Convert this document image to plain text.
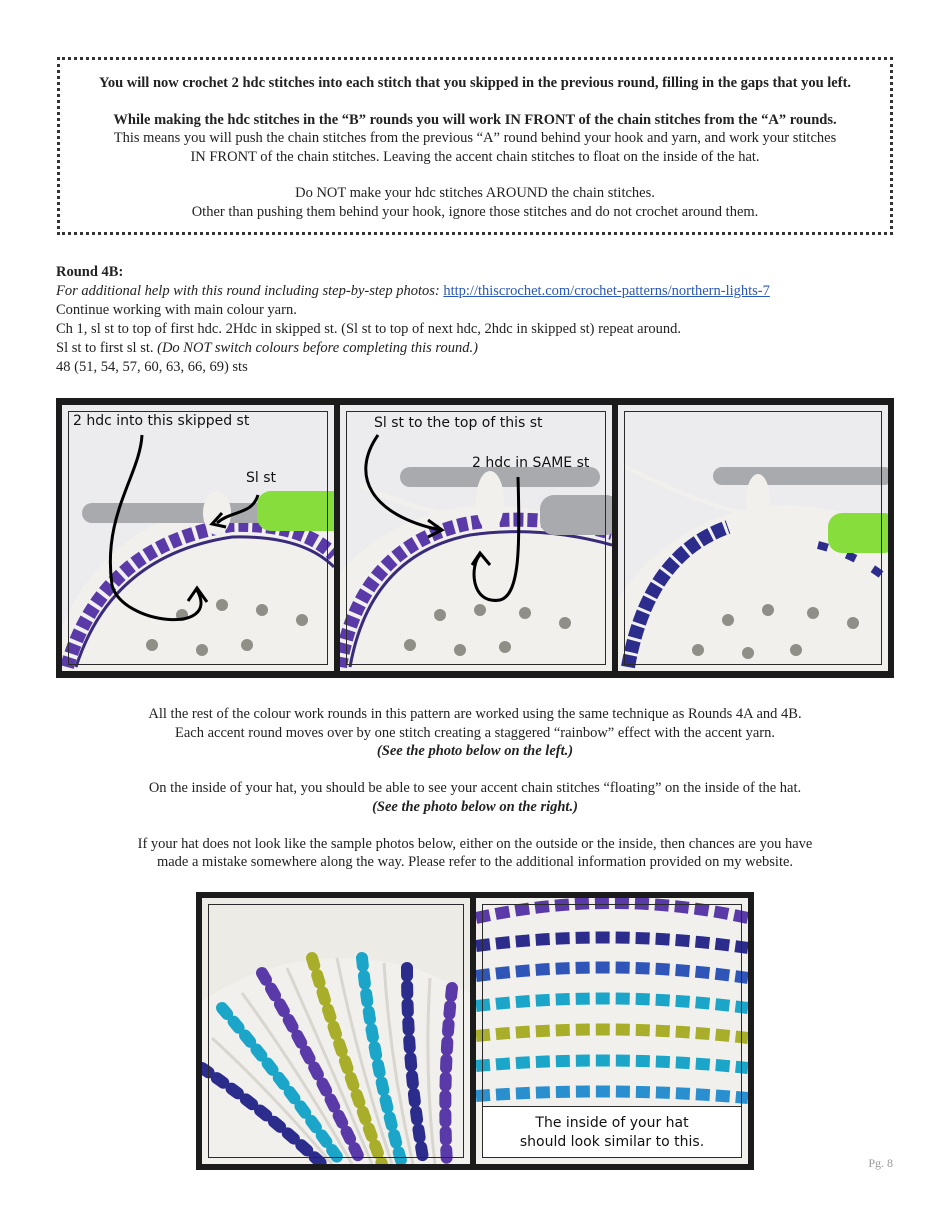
You will now crochet 2 hdc stitches into each stitch that you skipped in the previous round, filling in the gaps that you left.

While making the hdc stitches in the “B” rounds you will work IN FRONT of the chain stitches from the “A” rounds.

This means you will push the chain stitches from the previous “A” round behind your hook and yarn, and work your stitches

IN FRONT of the chain stitches. Leaving the accent chain stitches to float on the inside of the hat.

Do NOT make your hdc stitches AROUND the chain stitches.

Other than pushing them behind your hook, ignore those stitches and do not crochet around them.

Round 4B:

For additional help with this round including step-by-step photos: http://thiscrochet.com/crochet-patterns/northern-lights-7

Continue working with main colour yarn.

Ch 1, sl st to top of first hdc. 2Hdc in skipped st. (Sl st to top of next hdc, 2hdc in skipped st) repeat around.

Sl st to first sl st. (Do NOT switch colours before completing this round.)

48 (51, 54, 57, 60, 63, 66, 69) sts

2 hdc into this skipped st
Sl st
Sl st to the top of this st
2 hdc in SAME st

All the rest of the colour work rounds in this pattern are worked using the same technique as Rounds 4A and 4B.

Each accent round moves over by one stitch creating a staggered “rainbow” effect with the accent yarn.

(See the photo below on the left.)

On the inside of your hat, you should be able to see your accent chain stitches “floating” on the inside of the hat.

(See the photo below on the right.)

If your hat does not look like the sample photos below, either on the outside or the inside, then chances are you have

made a mistake somewhere along the way. Please refer to the additional information provided on my website.

The inside of your hat
should look similar to this.
Pg. 8
